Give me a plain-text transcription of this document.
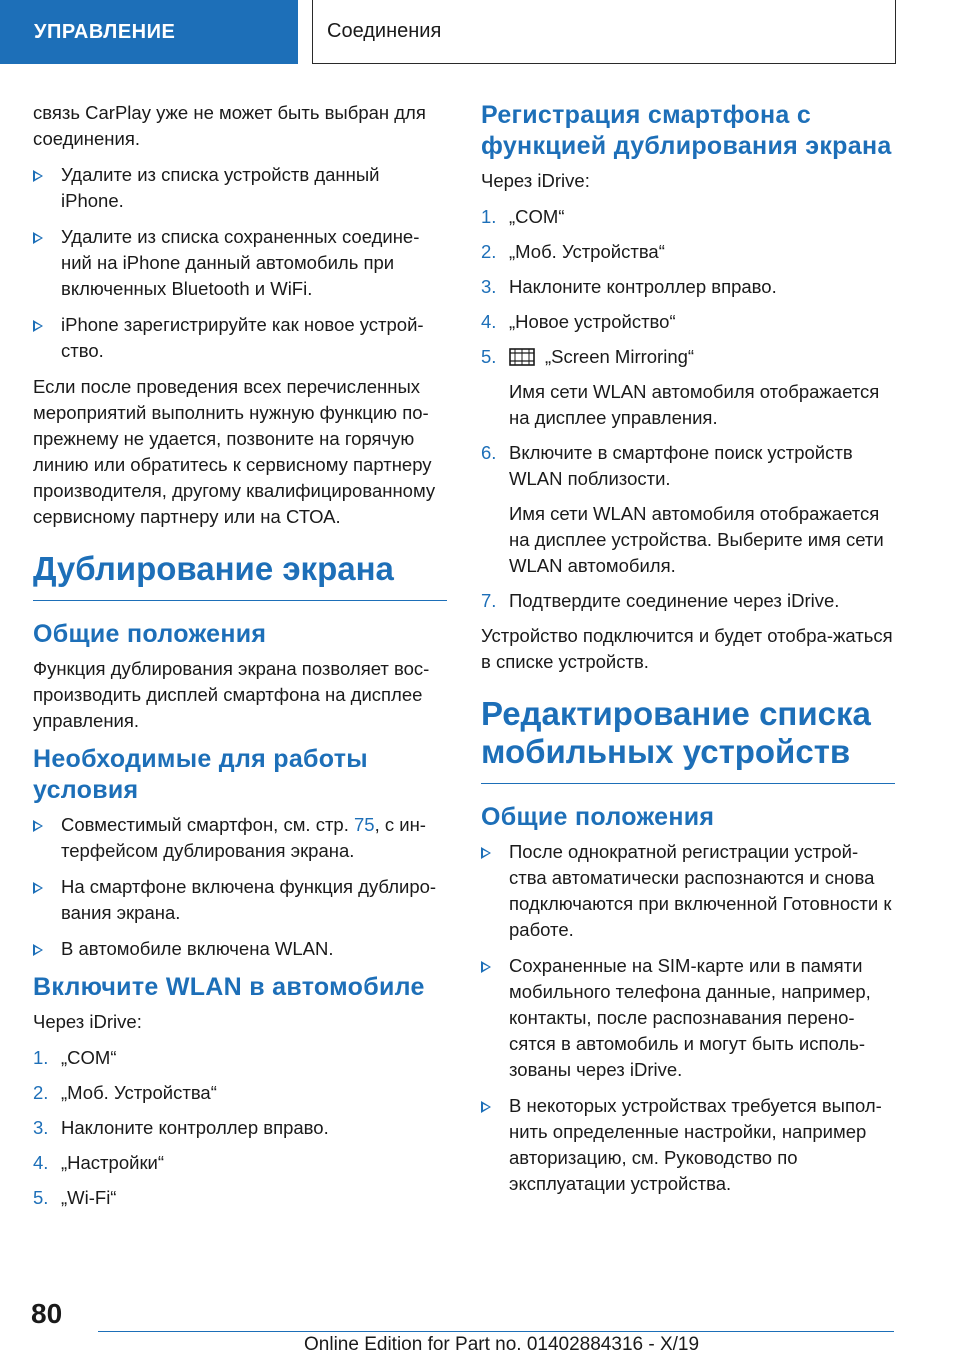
УПРАВЛЕНИЕ	Соединения

связь CarPlay уже не может быть выбран для соединения.

Удалите из списка устройств данный iPhone.
Удалите из списка сохраненных соедине-ний на iPhone данный автомобиль при включенных Bluetooth и WiFi.
iPhone зарегистрируйте как новое устрой-ство.

Если после проведения всех перечисленных мероприятий выполнить нужную функцию по-прежнему не удается, позвоните на горячую линию или обратитесь к сервисному партнеру производителя, другому квалифицированному сервисному партнеру или на СТОА.

Дублирование экрана
Общие положения

Функция дублирования экрана позволяет вос-производить дисплей смартфона на дисплее управления.

Необходимые для работы условия
Совместимый смартфон, см. стр. 75, с ин-терфейсом дублирования экрана.
На смартфоне включена функция дублиро-вания экрана.
В автомобиле включена WLAN.
Включите WLAN в автомобиле

Через iDrive:

1. „COM“
2. „Моб. Устройства“
3. Наклоните контроллер вправо.
4. „Настройки“
5. „Wi-Fi“
Регистрация смартфона с функцией дублирования экрана

Через iDrive:

1. „COM“
2. „Моб. Устройства“
3. Наклоните контроллер вправо.
4. „Новое устройство“
5.	„Screen Mirroring“
Имя сети WLAN автомобиля отображается на дисплее управления.
6. Включите в смартфоне поиск устройств WLAN поблизости.
Имя сети WLAN автомобиля отображается на дисплее устройства. Выберите имя сети WLAN автомобиля.
7. Подтвердите соединение через iDrive.

Устройство подключится и будет отобра-жаться в списке устройств.

Редактирование списка мобильных устройств
Общие положения
После однократной регистрации устрой-ства автоматически распознаются и снова подключаются при включенной Готовности к работе.
Сохраненные на SIM-карте или в памяти мобильного телефона данные, например, контакты, после распознавания перено-сятся в автомобиль и могут быть исполь-зованы через iDrive.
В некоторых устройствах требуется выпол-нить определенные настройки, например авторизацию, см. Руководство по эксплуатации устройства.
80
Online Edition for Part no. 01402884316 - X/19
